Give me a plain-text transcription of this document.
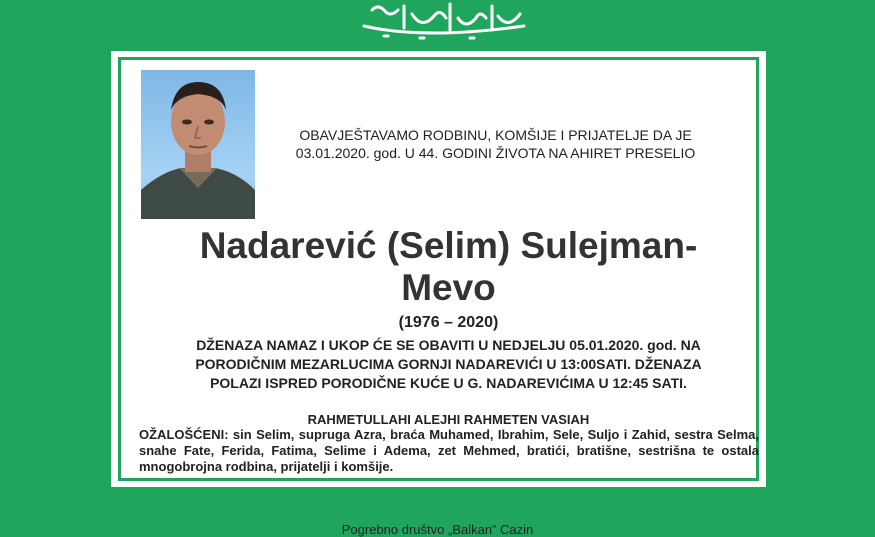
OBAVJEŠTAVAMO RODBINU, KOMŠIJE I PRIJATELJE DA JE
03.01.2020. god. U 44. GODINI ŽIVOTA NA AHIRET PRESELIO
Nadarević (Selim) Sulejman-
Mevo
(1976 – 2020)
DŽENAZA NAMAZ I UKOP ĆE SE OBAVITI U NEDJELJU 05.01.2020. god. NA
PORODIČNIM MEZARLUCIMA GORNJI NADAREVIĆI U 13:00SATI. DŽENAZA
POLAZI ISPRED PORODIČNE KUĆE U G. NADAREVIĆIMA U 12:45 SATI.
RAHMETULLAHI ALEJHI RAHMETEN VASIAH
OŽALOŠĆENI: sin Selim, supruga Azra, braća Muhamed, Ibrahim, Sele, Suljo i Zahid, sestra Selma, snahe Fate, Ferida, Fatima, Selime i Adema, zet Mehmed, bratići, bratišne, sestrišna te ostala mnogobrojna rodbina, prijatelji i komšije.
Pogrebno društvo „Balkan” Cazin
